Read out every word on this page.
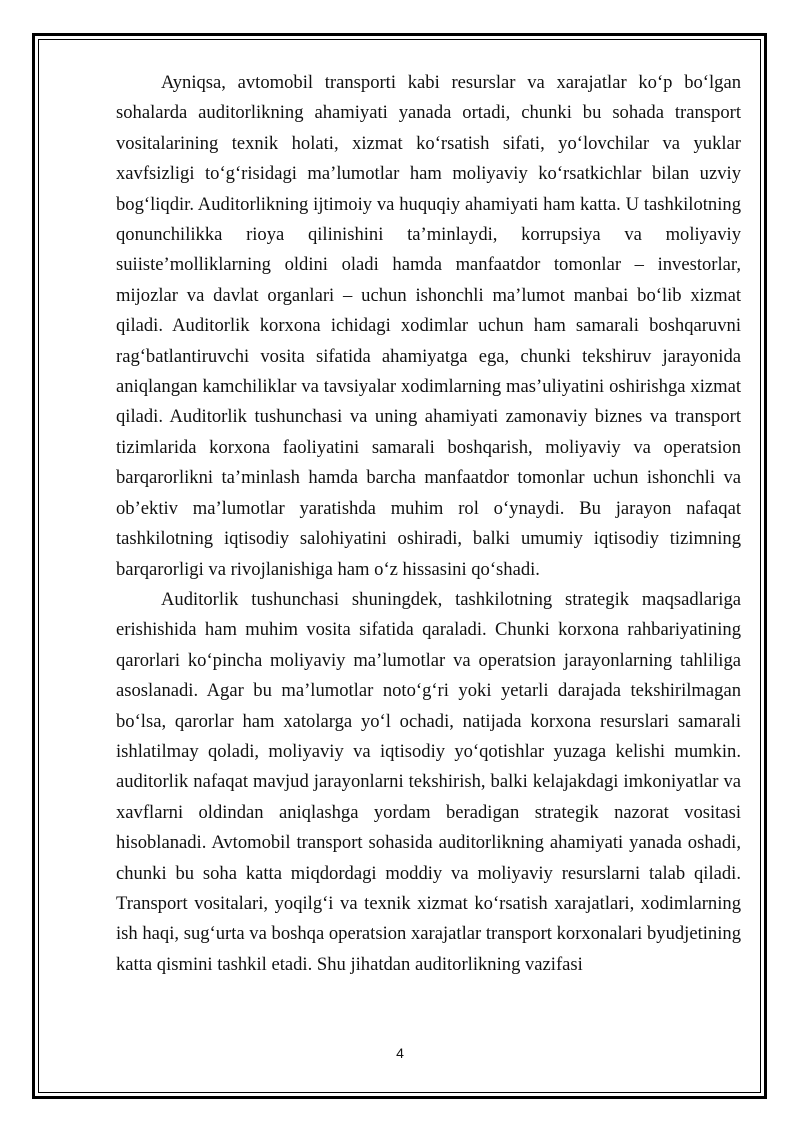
Ayniqsa, avtomobil transporti kabi resurslar va xarajatlar ko‘p bo‘lgan sohalarda auditorlikning ahamiyati yanada ortadi, chunki bu sohada transport vositalarining texnik holati, xizmat ko‘rsatish sifati, yo‘lovchilar va yuklar xavfsizligi to‘g‘risidagi ma’lumotlar ham moliyaviy ko‘rsatkichlar bilan uzviy bog‘liqdir. Auditorlikning ijtimoiy va huquqiy ahamiyati ham katta. U tashkilotning qonunchilikka rioya qilinishini ta’minlaydi, korrupsiya va moliyaviy suiiste’molliklarning oldini oladi hamda manfaatdor tomonlar – investorlar, mijozlar va davlat organlari – uchun ishonchli ma’lumot manbai bo‘lib xizmat qiladi. Auditorlik korxona ichidagi xodimlar uchun ham samarali boshqaruvni rag‘batlantiruvchi vosita sifatida ahamiyatga ega, chunki tekshiruv jarayonida aniqlangan kamchiliklar va tavsiyalar xodimlarning mas’uliyatini oshirishga xizmat qiladi. Auditorlik tushunchasi va uning ahamiyati zamonaviy biznes va transport tizimlarida korxona faoliyatini samarali boshqarish, moliyaviy va operatsion barqarorlikni ta’minlash hamda barcha manfaatdor tomonlar uchun ishonchli va ob’ektiv ma’lumotlar yaratishda muhim rol o‘ynaydi. Bu jarayon nafaqat tashkilotning iqtisodiy salohiyatini oshiradi, balki umumiy iqtisodiy tizimning barqarorligi va rivojlanishiga ham o‘z hissasini qo‘shadi.

Auditorlik tushunchasi shuningdek, tashkilotning strategik maqsadlariga erishishida ham muhim vosita sifatida qaraladi. Chunki korxona rahbariyatining qarorlari ko‘pincha moliyaviy ma’lumotlar va operatsion jarayonlarning tahliliga asoslanadi. Agar bu ma’lumotlar noto‘g‘ri yoki yetarli darajada tekshirilmagan bo‘lsa, qarorlar ham xatolarga yo‘l ochadi, natijada korxona resurslari samarali ishlatilmay qoladi, moliyaviy va iqtisodiy yo‘qotishlar yuzaga kelishi mumkin. auditorlik nafaqat mavjud jarayonlarni tekshirish, balki kelajakdagi imkoniyatlar va xavflarni oldindan aniqlashga yordam beradigan strategik nazorat vositasi hisoblanadi. Avtomobil transport sohasida auditorlikning ahamiyati yanada oshadi, chunki bu soha katta miqdordagi moddiy va moliyaviy resurslarni talab qiladi. Transport vositalari, yoqilg‘i va texnik xizmat ko‘rsatish xarajatlari, xodimlarning ish haqi, sug‘urta va boshqa operatsion xarajatlar transport korxonalari byudjetining katta qismini tashkil etadi. Shu jihatdan auditorlikning vazifasi

4
